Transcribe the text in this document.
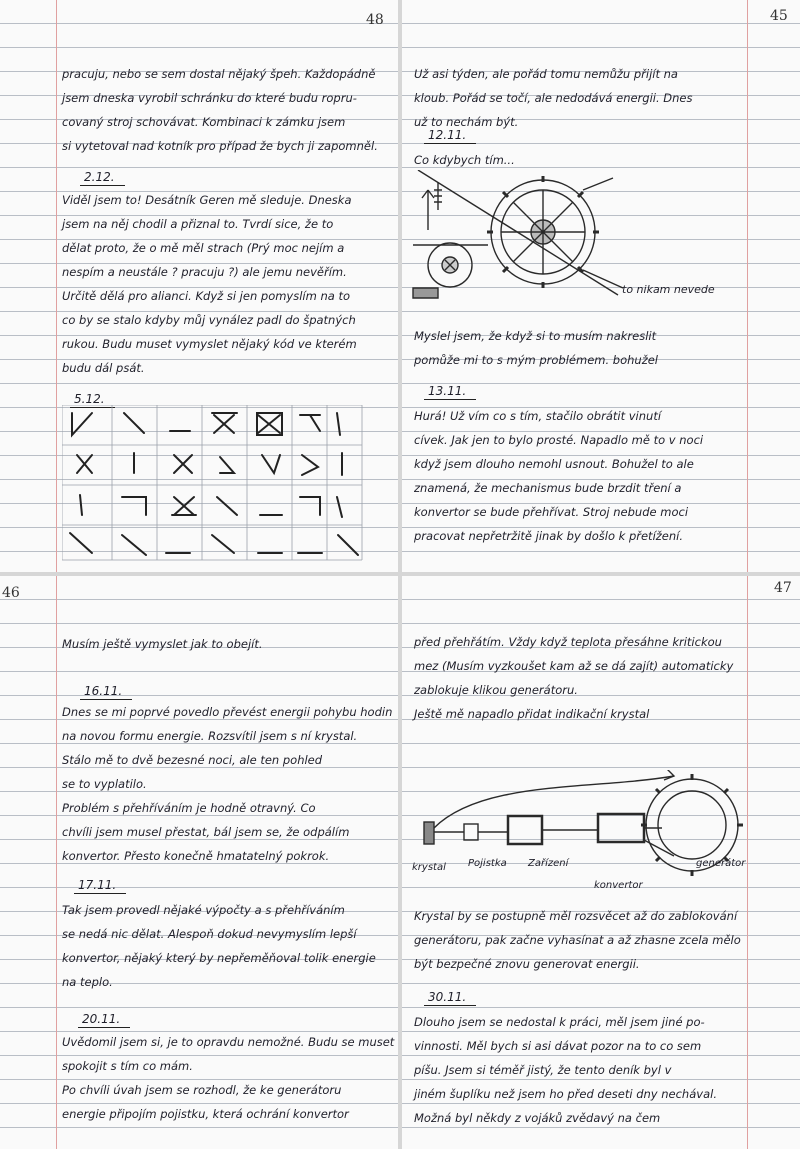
48	45
46	47
pracuju, nebo se sem dostal nějaký špeh. Každopádně
jsem dneska vyrobil schránku do které budu ropru-
covaný stroj schovávat. Kombinaci k zámku jsem
si vytetoval nad kotník pro případ že bych ji zapomněl.
2.12.
Viděl jsem to! Desátník Geren mě sleduje. Dneska
jsem na něj chodil a přiznal to. Tvrdí sice, že to
dělat proto, že o mě měl strach (Prý moc nejím a
nespím a neustále ? pracuju ?) ale jemu nevěřím.
Určitě dělá pro alianci. Když si jen pomyslím na to
co by se stalo kdyby můj vynález padl do špatných
rukou. Budu muset vymyslet nějaký kód ve kterém
budu dál psát.
5.12.
Už asi týden, ale pořád tomu nemůžu přijít na
kloub. Pořád se točí, ale nedodává energii. Dnes
už to nechám být.
12.11.
Co kdybych tím...
to nikam nevede
Myslel jsem, že když si to musím nakreslit
pomůže mi to s mým problémem. bohužel
13.11.
Hurá! Už vím co s tím, stačilo obrátit vinutí
cívek. Jak jen to bylo prosté. Napadlo mě to v noci
když jsem dlouho nemohl usnout. Bohužel to ale
znamená, že mechanismus bude brzdit tření a
konvertor se bude přehřívat. Stroj nebude moci
pracovat nepřetržitě jinak by došlo k přetížení.
Musím ještě vymyslet jak to obejít.
16.11.
Dnes se mi poprvé povedlo převést energii pohybu hodin
na novou formu energie. Rozsvítil jsem s ní krystal.
Stálo mě to dvě bezesné noci, ale ten pohled
se to vyplatilo.
Problém s přehříváním je hodně otravný. Co
chvíli jsem musel přestat, bál jsem se, že odpálím
konvertor. Přesto konečně hmatatelný pokrok.
17.11.
Tak jsem provedl nějaké výpočty a s přehříváním
se nedá nic dělat. Alespoň dokud nevymyslím lepší
konvertor, nějaký který by nepřeměňoval tolik energie
na teplo.
20.11.
Uvědomil jsem si, je to opravdu nemožné. Budu se muset
spokojit s tím co mám.
Po chvíli úvah jsem se rozhodl, že ke generátoru
energie připojím pojistku, která ochrání konvertor
před přehřátím. Vždy když teplota přesáhne kritickou
mez (Musím vyzkoušet kam až se dá zajít) automaticky
zablokuje klikou generátoru.
Ještě mě napadlo přidat indikační krystal
krystal Pojistka Zařízení
konvertor
generátor
Krystal by se postupně měl rozsvěcet až do zablokování
generátoru, pak začne vyhasínat a až zhasne zcela mělo
být bezpečné znovu generovat energii.
30.11.
Dlouho jsem se nedostal k práci, měl jsem jiné po-
vinnosti. Měl bych si asi dávat pozor na to co sem
píšu. Jsem si téměř jistý, že tento deník byl v
jiném šuplíku než jsem ho před deseti dny nechával.
Možná byl někdy z vojáků zvědavý na čem
